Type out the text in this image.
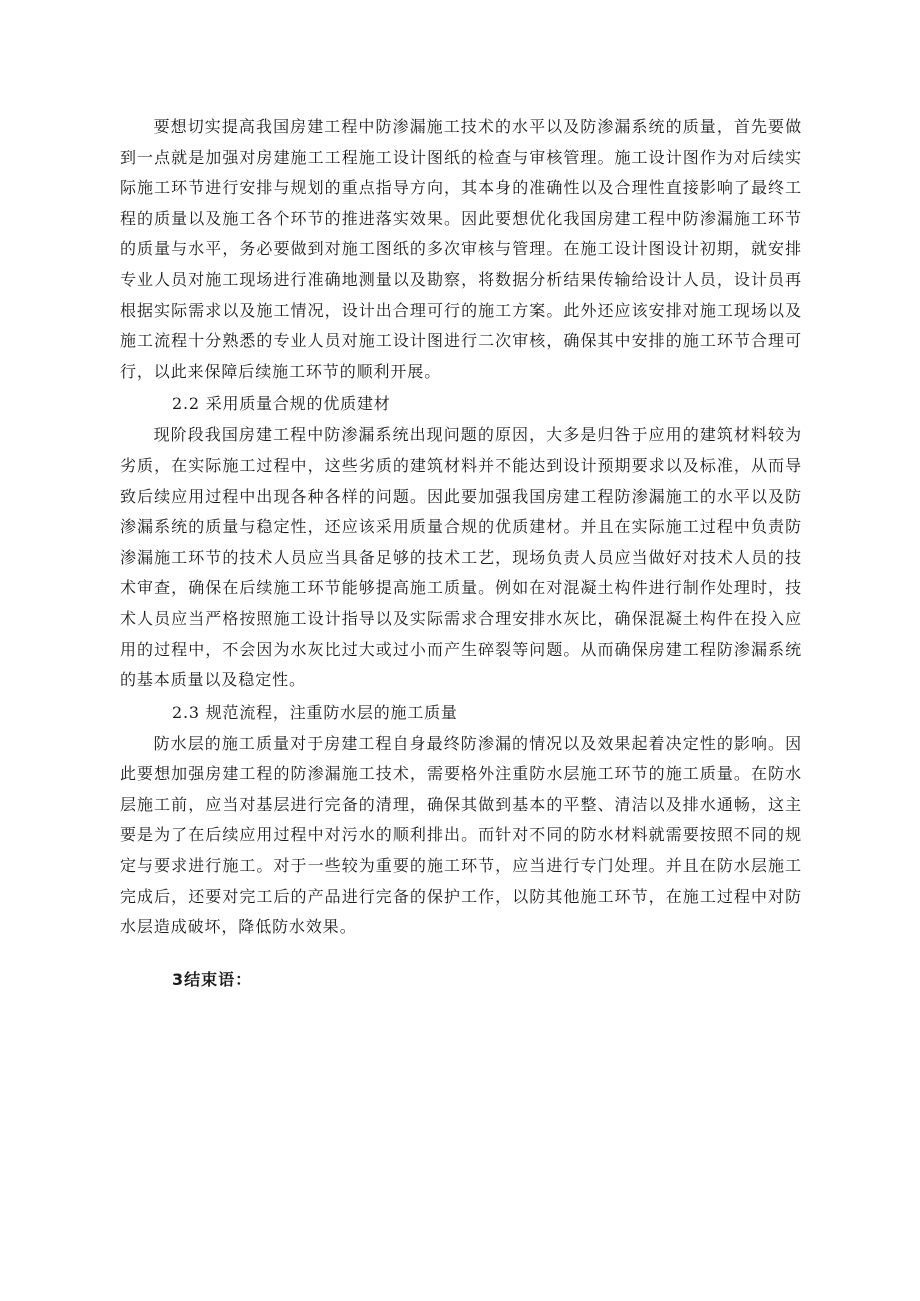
要想切实提高我国房建工程中防渗漏施工技术的水平以及防渗漏系统的质量，首先要做到一点就是加强对房建施工工程施工设计图纸的检查与审核管理。施工设计图作为对后续实际施工环节进行安排与规划的重点指导方向，其本身的准确性以及合理性直接影响了最终工程的质量以及施工各个环节的推进落实效果。因此要想优化我国房建工程中防渗漏施工环节的质量与水平，务必要做到对施工图纸的多次审核与管理。在施工设计图设计初期，就安排专业人员对施工现场进行准确地测量以及勘察，将数据分析结果传输给设计人员，设计员再根据实际需求以及施工情况，设计出合理可行的施工方案。此外还应该安排对施工现场以及施工流程十分熟悉的专业人员对施工设计图进行二次审核，确保其中安排的施工环节合理可行，以此来保障后续施工环节的顺利开展。

2.2 采用质量合规的优质建材

现阶段我国房建工程中防渗漏系统出现问题的原因，大多是归咎于应用的建筑材料较为劣质，在实际施工过程中，这些劣质的建筑材料并不能达到设计预期要求以及标准，从而导致后续应用过程中出现各种各样的问题。因此要加强我国房建工程防渗漏施工的水平以及防渗漏系统的质量与稳定性，还应该采用质量合规的优质建材。并且在实际施工过程中负责防渗漏施工环节的技术人员应当具备足够的技术工艺，现场负责人员应当做好对技术人员的技术审查，确保在后续施工环节能够提高施工质量。例如在对混凝土构件进行制作处理时，技术人员应当严格按照施工设计指导以及实际需求合理安排水灰比，确保混凝土构件在投入应用的过程中，不会因为水灰比过大或过小而产生碎裂等问题。从而确保房建工程防渗漏系统的基本质量以及稳定性。

2.3 规范流程，注重防水层的施工质量

防水层的施工质量对于房建工程自身最终防渗漏的情况以及效果起着决定性的影响。因此要想加强房建工程的防渗漏施工技术，需要格外注重防水层施工环节的施工质量。在防水层施工前，应当对基层进行完备的清理，确保其做到基本的平整、清洁以及排水通畅，这主要是为了在后续应用过程中对污水的顺利排出。而针对不同的防水材料就需要按照不同的规定与要求进行施工。对于一些较为重要的施工环节，应当进行专门处理。并且在防水层施工完成后，还要对完工后的产品进行完备的保护工作，以防其他施工环节，在施工过程中对防水层造成破坏，降低防水效果。

3结束语：
